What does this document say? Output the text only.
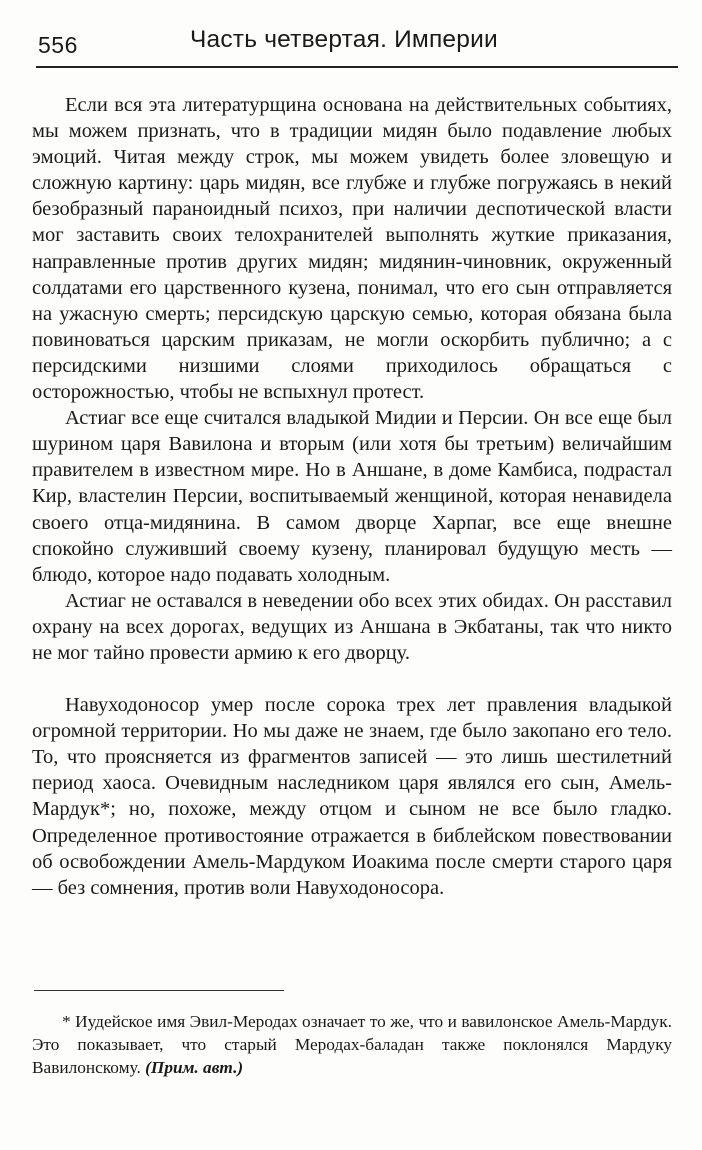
556	Часть четвертая. Империи

Если вся эта литературщина основана на действительных событиях, мы можем признать, что в традиции мидян было подавление любых эмоций. Читая между строк, мы можем увидеть более зловещую и сложную картину: царь мидян, все глубже и глубже погружаясь в некий безобразный параноидный психоз, при наличии деспотической власти мог заставить своих телохранителей выполнять жуткие приказания, направленные против других мидян; мидянин-чиновник, окруженный солдатами его царственного кузена, понимал, что его сын отправляется на ужасную смерть; персидскую царскую семью, которая обязана была повиноваться царским приказам, не могли оскорбить публично; а с персидскими низшими слоями приходилось обращаться с осторожностью, чтобы не вспыхнул протест.

Астиаг все еще считался владыкой Мидии и Персии. Он все еще был шурином царя Вавилона и вторым (или хотя бы третьим) величайшим правителем в известном мире. Но в Аншане, в доме Камбиса, подрастал Кир, властелин Персии, воспитываемый женщиной, которая ненавидела своего отца-мидянина. В самом дворце Харпаг, все еще внешне спокойно служивший своему кузену, планировал будущую месть — блюдо, которое надо подавать холодным.

Астиаг не оставался в неведении обо всех этих обидах. Он расставил охрану на всех дорогах, ведущих из Аншана в Экбатаны, так что никто не мог тайно провести армию к его дворцу.

Навуходоносор умер после сорока трех лет правления владыкой огромной территории. Но мы даже не знаем, где было закопано его тело. То, что проясняется из фрагментов записей — это лишь шестилетний период хаоса. Очевидным наследником царя являлся его сын, Амель-Мардук*; но, похоже, между отцом и сыном не все было гладко. Определенное противостояние отражается в библейском повествовании об освобождении Амель-Мардуком Иоакима после смерти старого царя — без сомнения, против воли Навуходоносора.

* Иудейское имя Эвил-Меродах означает то же, что и вавилонское Амель-Мардук. Это показывает, что старый Меродах-баладан также поклонялся Мардуку Вавилонскому. (Прим. авт.)
